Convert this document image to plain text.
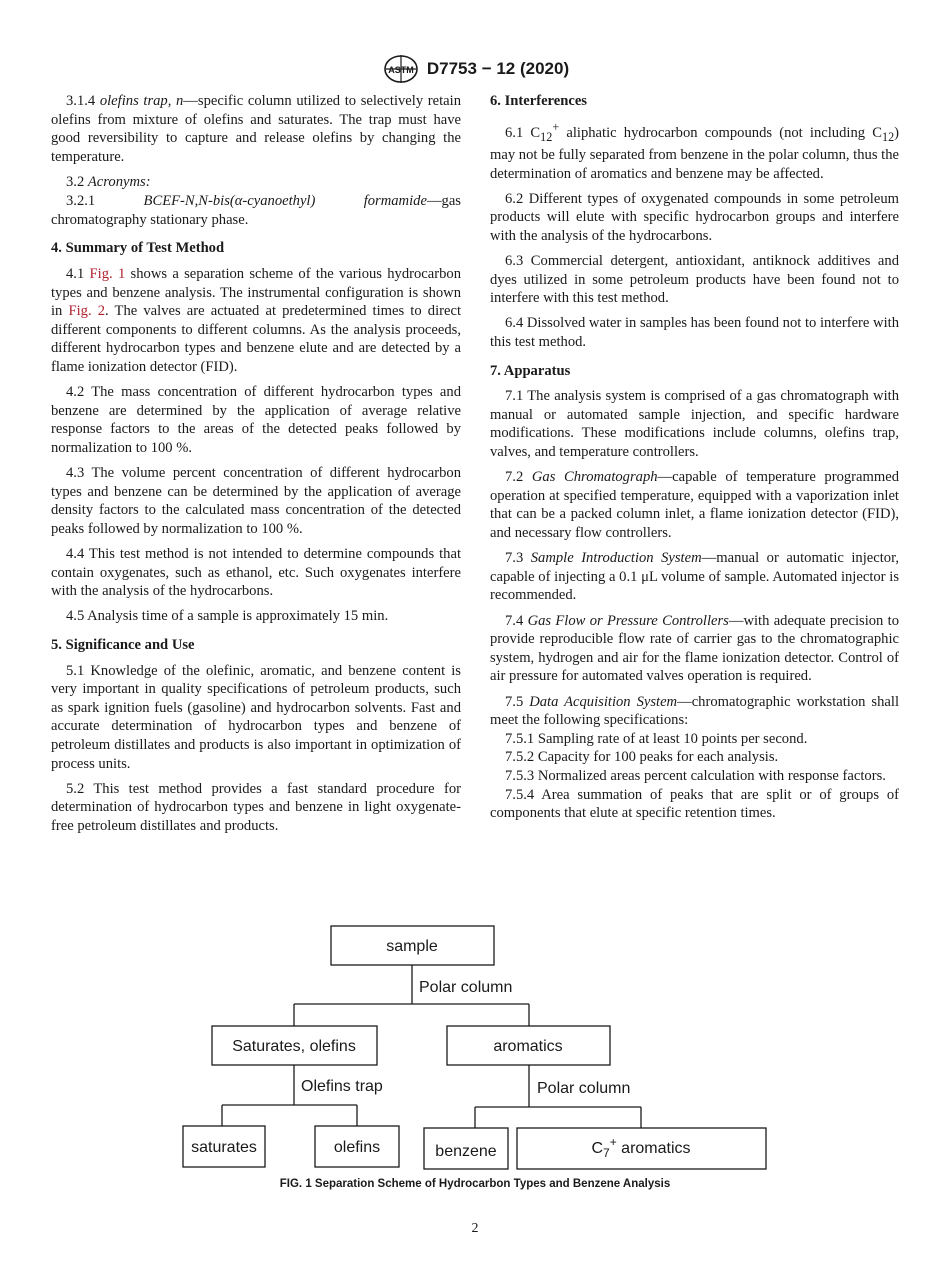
ASTM D7753 − 12 (2020)

3.1.4 olefins trap, n—specific column utilized to selectively retain olefins from mixture of olefins and saturates. The trap must have good reversibility to capture and release olefins by changing the temperature.

3.2 Acronyms:

3.2.1 BCEF-N,N-bis(α-cyanoethyl) formamide—gas chromatography stationary phase.

4. Summary of Test Method

4.1 Fig. 1 shows a separation scheme of the various hydrocarbon types and benzene analysis. The instrumental configuration is shown in Fig. 2. The valves are actuated at predetermined times to direct different components to different columns. As the analysis proceeds, different hydrocarbon types and benzene elute and are detected by a flame ionization detector (FID).

4.2 The mass concentration of different hydrocarbon types and benzene are determined by the application of average relative response factors to the areas of the detected peaks followed by normalization to 100 %.

4.3 The volume percent concentration of different hydrocarbon types and benzene can be determined by the application of average density factors to the calculated mass concentration of the detected peaks followed by normalization to 100 %.

4.4 This test method is not intended to determine compounds that contain oxygenates, such as ethanol, etc. Such oxygenates interfere with the analysis of the hydrocarbons.

4.5 Analysis time of a sample is approximately 15 min.

5. Significance and Use

5.1 Knowledge of the olefinic, aromatic, and benzene content is very important in quality specifications of petroleum products, such as spark ignition fuels (gasoline) and hydrocarbon solvents. Fast and accurate determination of hydrocarbon types and benzene of petroleum distillates and products is also important in optimization of process units.

5.2 This test method provides a fast standard procedure for determination of hydrocarbon types and benzene in light oxygenate-free petroleum distillates and products.

6. Interferences

6.1 $C_{12}^+$ aliphatic hydrocarbon compounds (not including $C_{12}$) may not be fully separated from benzene in the polar column, thus the determination of aromatics and benzene may be affected.

6.2 Different types of oxygenated compounds in some petroleum products will elute with specific hydrocarbon groups and interfere with the analysis of the hydrocarbons.

6.3 Commercial detergent, antioxidant, antiknock additives and dyes utilized in some petroleum products have been found not to interfere with this test method.

6.4 Dissolved water in samples has been found not to interfere with this test method.

7. Apparatus

7.1 The analysis system is comprised of a gas chromatograph with manual or automated sample injection, and specific hardware modifications. These modifications include columns, olefins trap, valves, and temperature controllers.

7.2 Gas Chromatograph—capable of temperature programmed operation at specified temperature, equipped with a vaporization inlet that can be a packed column inlet, a flame ionization detector (FID), and necessary flow controllers.

7.3 Sample Introduction System—manual or automatic injector, capable of injecting a 0.1 μL volume of sample. Automated injector is recommended.

7.4 Gas Flow or Pressure Controllers—with adequate precision to provide reproducible flow rate of carrier gas to the chromatographic system, hydrogen and air for the flame ionization detector. Control of air pressure for automated valves operation is required.

7.5 Data Acquisition System—chromatographic workstation shall meet the following specifications:

7.5.1 Sampling rate of at least 10 points per second.

7.5.2 Capacity for 100 peaks for each analysis.

7.5.3 Normalized areas percent calculation with response factors.

7.5.4 Area summation of peaks that are split or of groups of components that elute at specific retention times.

sample
Polar column
Saturates, olefins	aromatics
Olefins trap	Polar column
saturates	olefins	benzene	$C_7^+$ aromatics
FIG. 1 Separation Scheme of Hydrocarbon Types and Benzene Analysis
2
